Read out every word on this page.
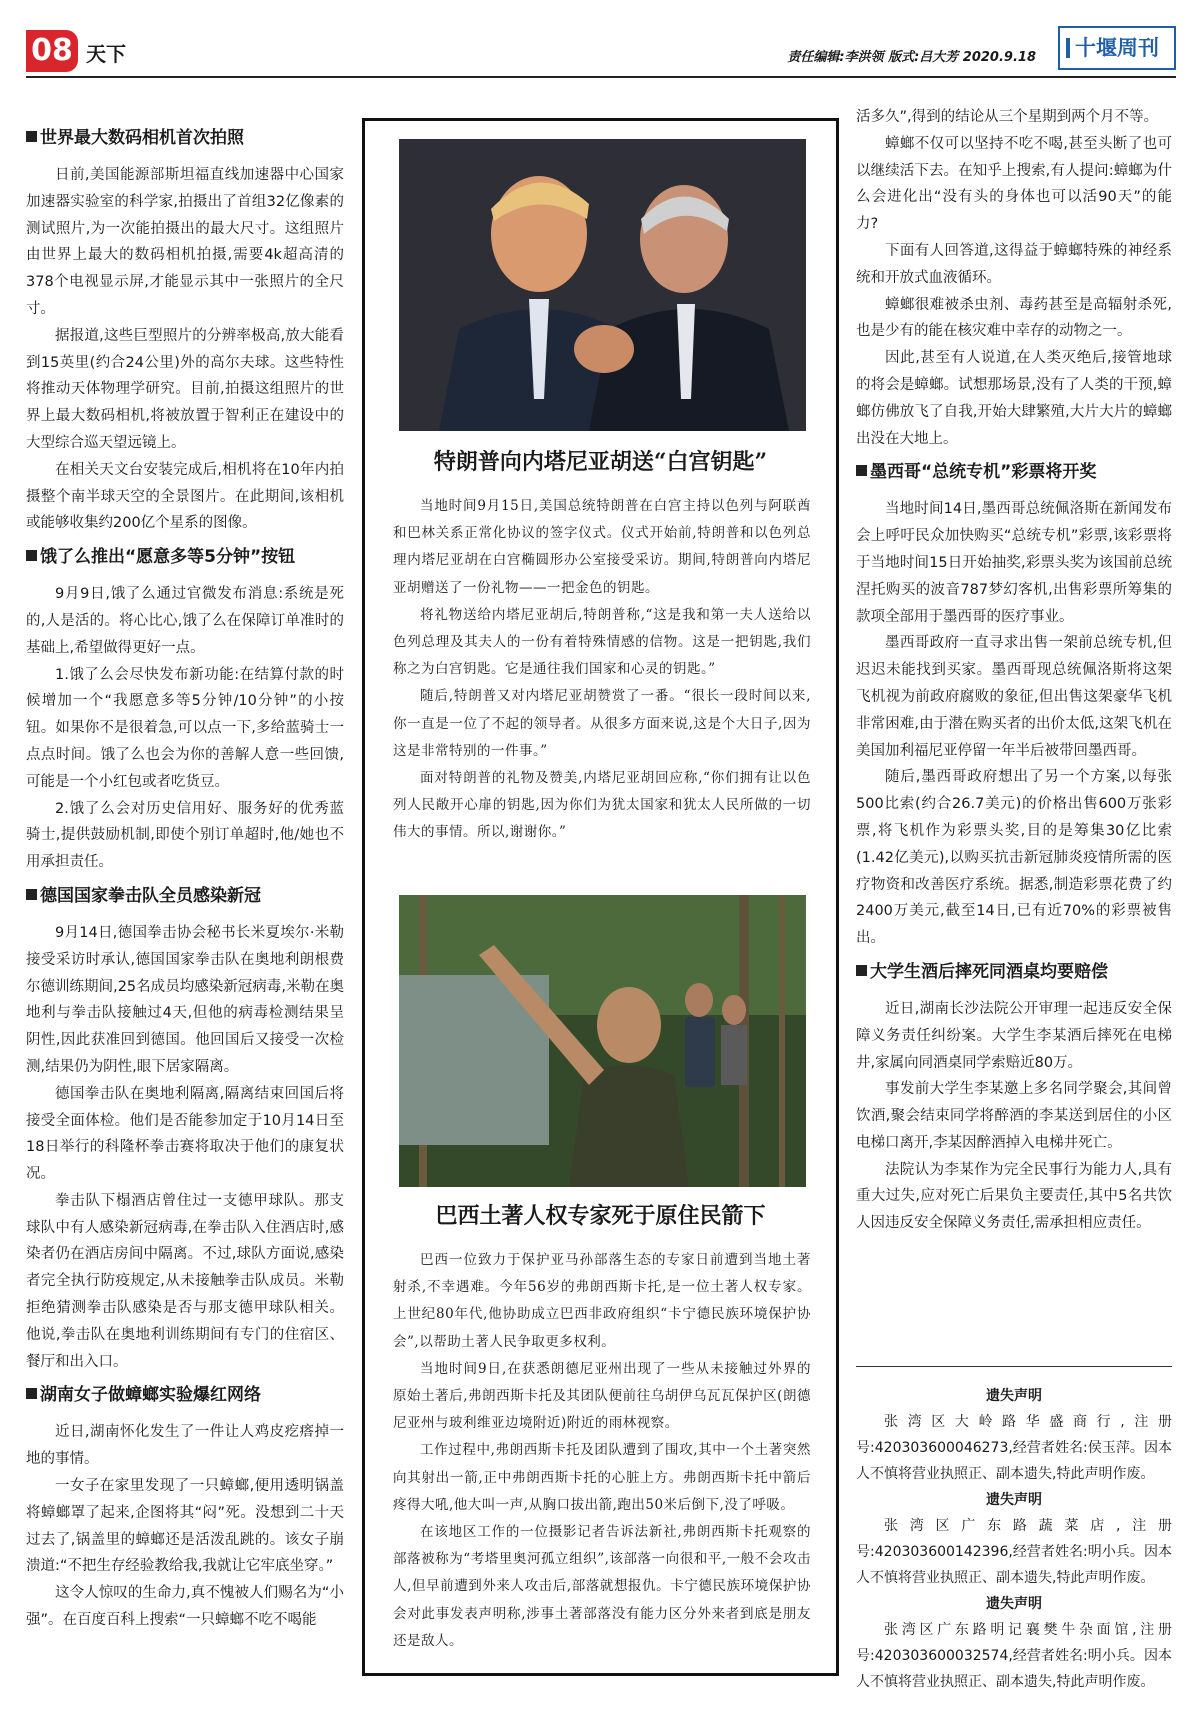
08 天下	责任编辑:李洪领 版式:吕大芳 2020.9.18	十堰周刊
世界最大数码相机首次拍照

日前,美国能源部斯坦福直线加速器中心国家加速器实验室的科学家,拍摄出了首组32亿像素的测试照片,为一次能拍摄出的最大尺寸。这组照片由世界上最大的数码相机拍摄,需要4k超高清的378个电视显示屏,才能显示其中一张照片的全尺寸。

据报道,这些巨型照片的分辨率极高,放大能看到15英里(约合24公里)外的高尔夫球。这些特性将推动天体物理学研究。目前,拍摄这组照片的世界上最大数码相机,将被放置于智利正在建设中的大型综合巡天望远镜上。

在相关天文台安装完成后,相机将在10年内拍摄整个南半球天空的全景图片。在此期间,该相机或能够收集约200亿个星系的图像。

饿了么推出“愿意多等5分钟”按钮

9月9日,饿了么通过官微发布消息:系统是死的,人是活的。将心比心,饿了么在保障订单准时的基础上,希望做得更好一点。

1.饿了么会尽快发布新功能:在结算付款的时候增加一个“我愿意多等5分钟/10分钟”的小按钮。如果你不是很着急,可以点一下,多给蓝骑士一点点时间。饿了么也会为你的善解人意一些回馈,可能是一个小红包或者吃货豆。

2.饿了么会对历史信用好、服务好的优秀蓝骑士,提供鼓励机制,即使个别订单超时,他/她也不用承担责任。

德国国家拳击队全员感染新冠

9月14日,德国拳击协会秘书长米夏埃尔·米勒接受采访时承认,德国国家拳击队在奥地利朗根费尔德训练期间,25名成员均感染新冠病毒,米勒在奥地利与拳击队接触过4天,但他的病毒检测结果呈阴性,因此获准回到德国。他回国后又接受一次检测,结果仍为阴性,眼下居家隔离。

德国拳击队在奥地利隔离,隔离结束回国后将接受全面体检。他们是否能参加定于10月14日至18日举行的科隆杯拳击赛将取决于他们的康复状况。

拳击队下榻酒店曾住过一支德甲球队。那支球队中有人感染新冠病毒,在拳击队入住酒店时,感染者仍在酒店房间中隔离。不过,球队方面说,感染者完全执行防疫规定,从未接触拳击队成员。米勒拒绝猜测拳击队感染是否与那支德甲球队相关。他说,拳击队在奥地利训练期间有专门的住宿区、餐厅和出入口。

湖南女子做蟑螂实验爆红网络

近日,湖南怀化发生了一件让人鸡皮疙瘩掉一地的事情。

一女子在家里发现了一只蟑螂,便用透明锅盖将蟑螂罩了起来,企图将其“闷”死。没想到二十天过去了,锅盖里的蟑螂还是活泼乱跳的。该女子崩溃道:“不把生存经验教给我,我就让它牢底坐穿。”

这令人惊叹的生命力,真不愧被人们赐名为“小强”。在百度百科上搜索“一只蟑螂不吃不喝能

特朗普向内塔尼亚胡送“白宫钥匙”

当地时间9月15日,美国总统特朗普在白宫主持以色列与阿联酋和巴林关系正常化协议的签字仪式。仪式开始前,特朗普和以色列总理内塔尼亚胡在白宫椭圆形办公室接受采访。期间,特朗普向内塔尼亚胡赠送了一份礼物——一把金色的钥匙。

将礼物送给内塔尼亚胡后,特朗普称,“这是我和第一夫人送给以色列总理及其夫人的一份有着特殊情感的信物。这是一把钥匙,我们称之为白宫钥匙。它是通往我们国家和心灵的钥匙。”

随后,特朗普又对内塔尼亚胡赞赏了一番。“很长一段时间以来,你一直是一位了不起的领导者。从很多方面来说,这是个大日子,因为这是非常特别的一件事。”

面对特朗普的礼物及赞美,内塔尼亚胡回应称,“你们拥有让以色列人民敞开心扉的钥匙,因为你们为犹太国家和犹太人民所做的一切伟大的事情。所以,谢谢你。”

巴西土著人权专家死于原住民箭下

巴西一位致力于保护亚马孙部落生态的专家日前遭到当地土著射杀,不幸遇难。今年56岁的弗朗西斯卡托,是一位土著人权专家。上世纪80年代,他协助成立巴西非政府组织“卡宁德民族环境保护协会”,以帮助土著人民争取更多权利。

当地时间9日,在获悉朗德尼亚州出现了一些从未接触过外界的原始土著后,弗朗西斯卡托及其团队便前往乌胡伊乌瓦瓦保护区(朗德尼亚州与玻利维亚边境附近)附近的雨林视察。

工作过程中,弗朗西斯卡托及团队遭到了围攻,其中一个土著突然向其射出一箭,正中弗朗西斯卡托的心脏上方。弗朗西斯卡托中箭后疼得大吼,他大叫一声,从胸口拔出箭,跑出50米后倒下,没了呼吸。

在该地区工作的一位摄影记者告诉法新社,弗朗西斯卡托观察的部落被称为“考塔里奥河孤立组织”,该部落一向很和平,一般不会攻击人,但早前遭到外来人攻击后,部落就想报仇。卡宁德民族环境保护协会对此事发表声明称,涉事土著部落没有能力区分外来者到底是朋友还是敌人。

活多久”,得到的结论从三个星期到两个月不等。

蟑螂不仅可以坚持不吃不喝,甚至头断了也可以继续活下去。在知乎上搜索,有人提问:蟑螂为什么会进化出“没有头的身体也可以活90天”的能力?

下面有人回答道,这得益于蟑螂特殊的神经系统和开放式血液循环。

蟑螂很难被杀虫剂、毒药甚至是高辐射杀死,也是少有的能在核灾难中幸存的动物之一。

因此,甚至有人说道,在人类灭绝后,接管地球的将会是蟑螂。试想那场景,没有了人类的干预,蟑螂仿佛放飞了自我,开始大肆繁殖,大片大片的蟑螂出没在大地上。

墨西哥“总统专机”彩票将开奖

当地时间14日,墨西哥总统佩洛斯在新闻发布会上呼吁民众加快购买“总统专机”彩票,该彩票将于当地时间15日开始抽奖,彩票头奖为该国前总统涅托购买的波音787梦幻客机,出售彩票所筹集的款项全部用于墨西哥的医疗事业。

墨西哥政府一直寻求出售一架前总统专机,但迟迟未能找到买家。墨西哥现总统佩洛斯将这架飞机视为前政府腐败的象征,但出售这架豪华飞机非常困难,由于潜在购买者的出价太低,这架飞机在美国加利福尼亚停留一年半后被带回墨西哥。

随后,墨西哥政府想出了另一个方案,以每张500比索(约合26.7美元)的价格出售600万张彩票,将飞机作为彩票头奖,目的是筹集30亿比索(1.42亿美元),以购买抗击新冠肺炎疫情所需的医疗物资和改善医疗系统。据悉,制造彩票花费了约2400万美元,截至14日,已有近70%的彩票被售出。

大学生酒后摔死同酒桌均要赔偿

近日,湖南长沙法院公开审理一起违反安全保障义务责任纠纷案。大学生李某酒后摔死在电梯井,家属向同酒桌同学索赔近80万。

事发前大学生李某邀上多名同学聚会,其间曾饮酒,聚会结束同学将醉酒的李某送到居住的小区电梯口离开,李某因醉酒掉入电梯井死亡。

法院认为李某作为完全民事行为能力人,具有重大过失,应对死亡后果负主要责任,其中5名共饮人因违反安全保障义务责任,需承担相应责任。

遗失声明

张湾区大岭路华盛商行,注册号:420303600046273,经营者姓名:侯玉萍。因本人不慎将营业执照正、副本遗失,特此声明作废。

遗失声明

张湾区广东路蔬菜店,注册号:420303600142396,经营者姓名:明小兵。因本人不慎将营业执照正、副本遗失,特此声明作废。

遗失声明

张湾区广东路明记襄樊牛杂面馆,注册号:420303600032574,经营者姓名:明小兵。因本人不慎将营业执照正、副本遗失,特此声明作废。
